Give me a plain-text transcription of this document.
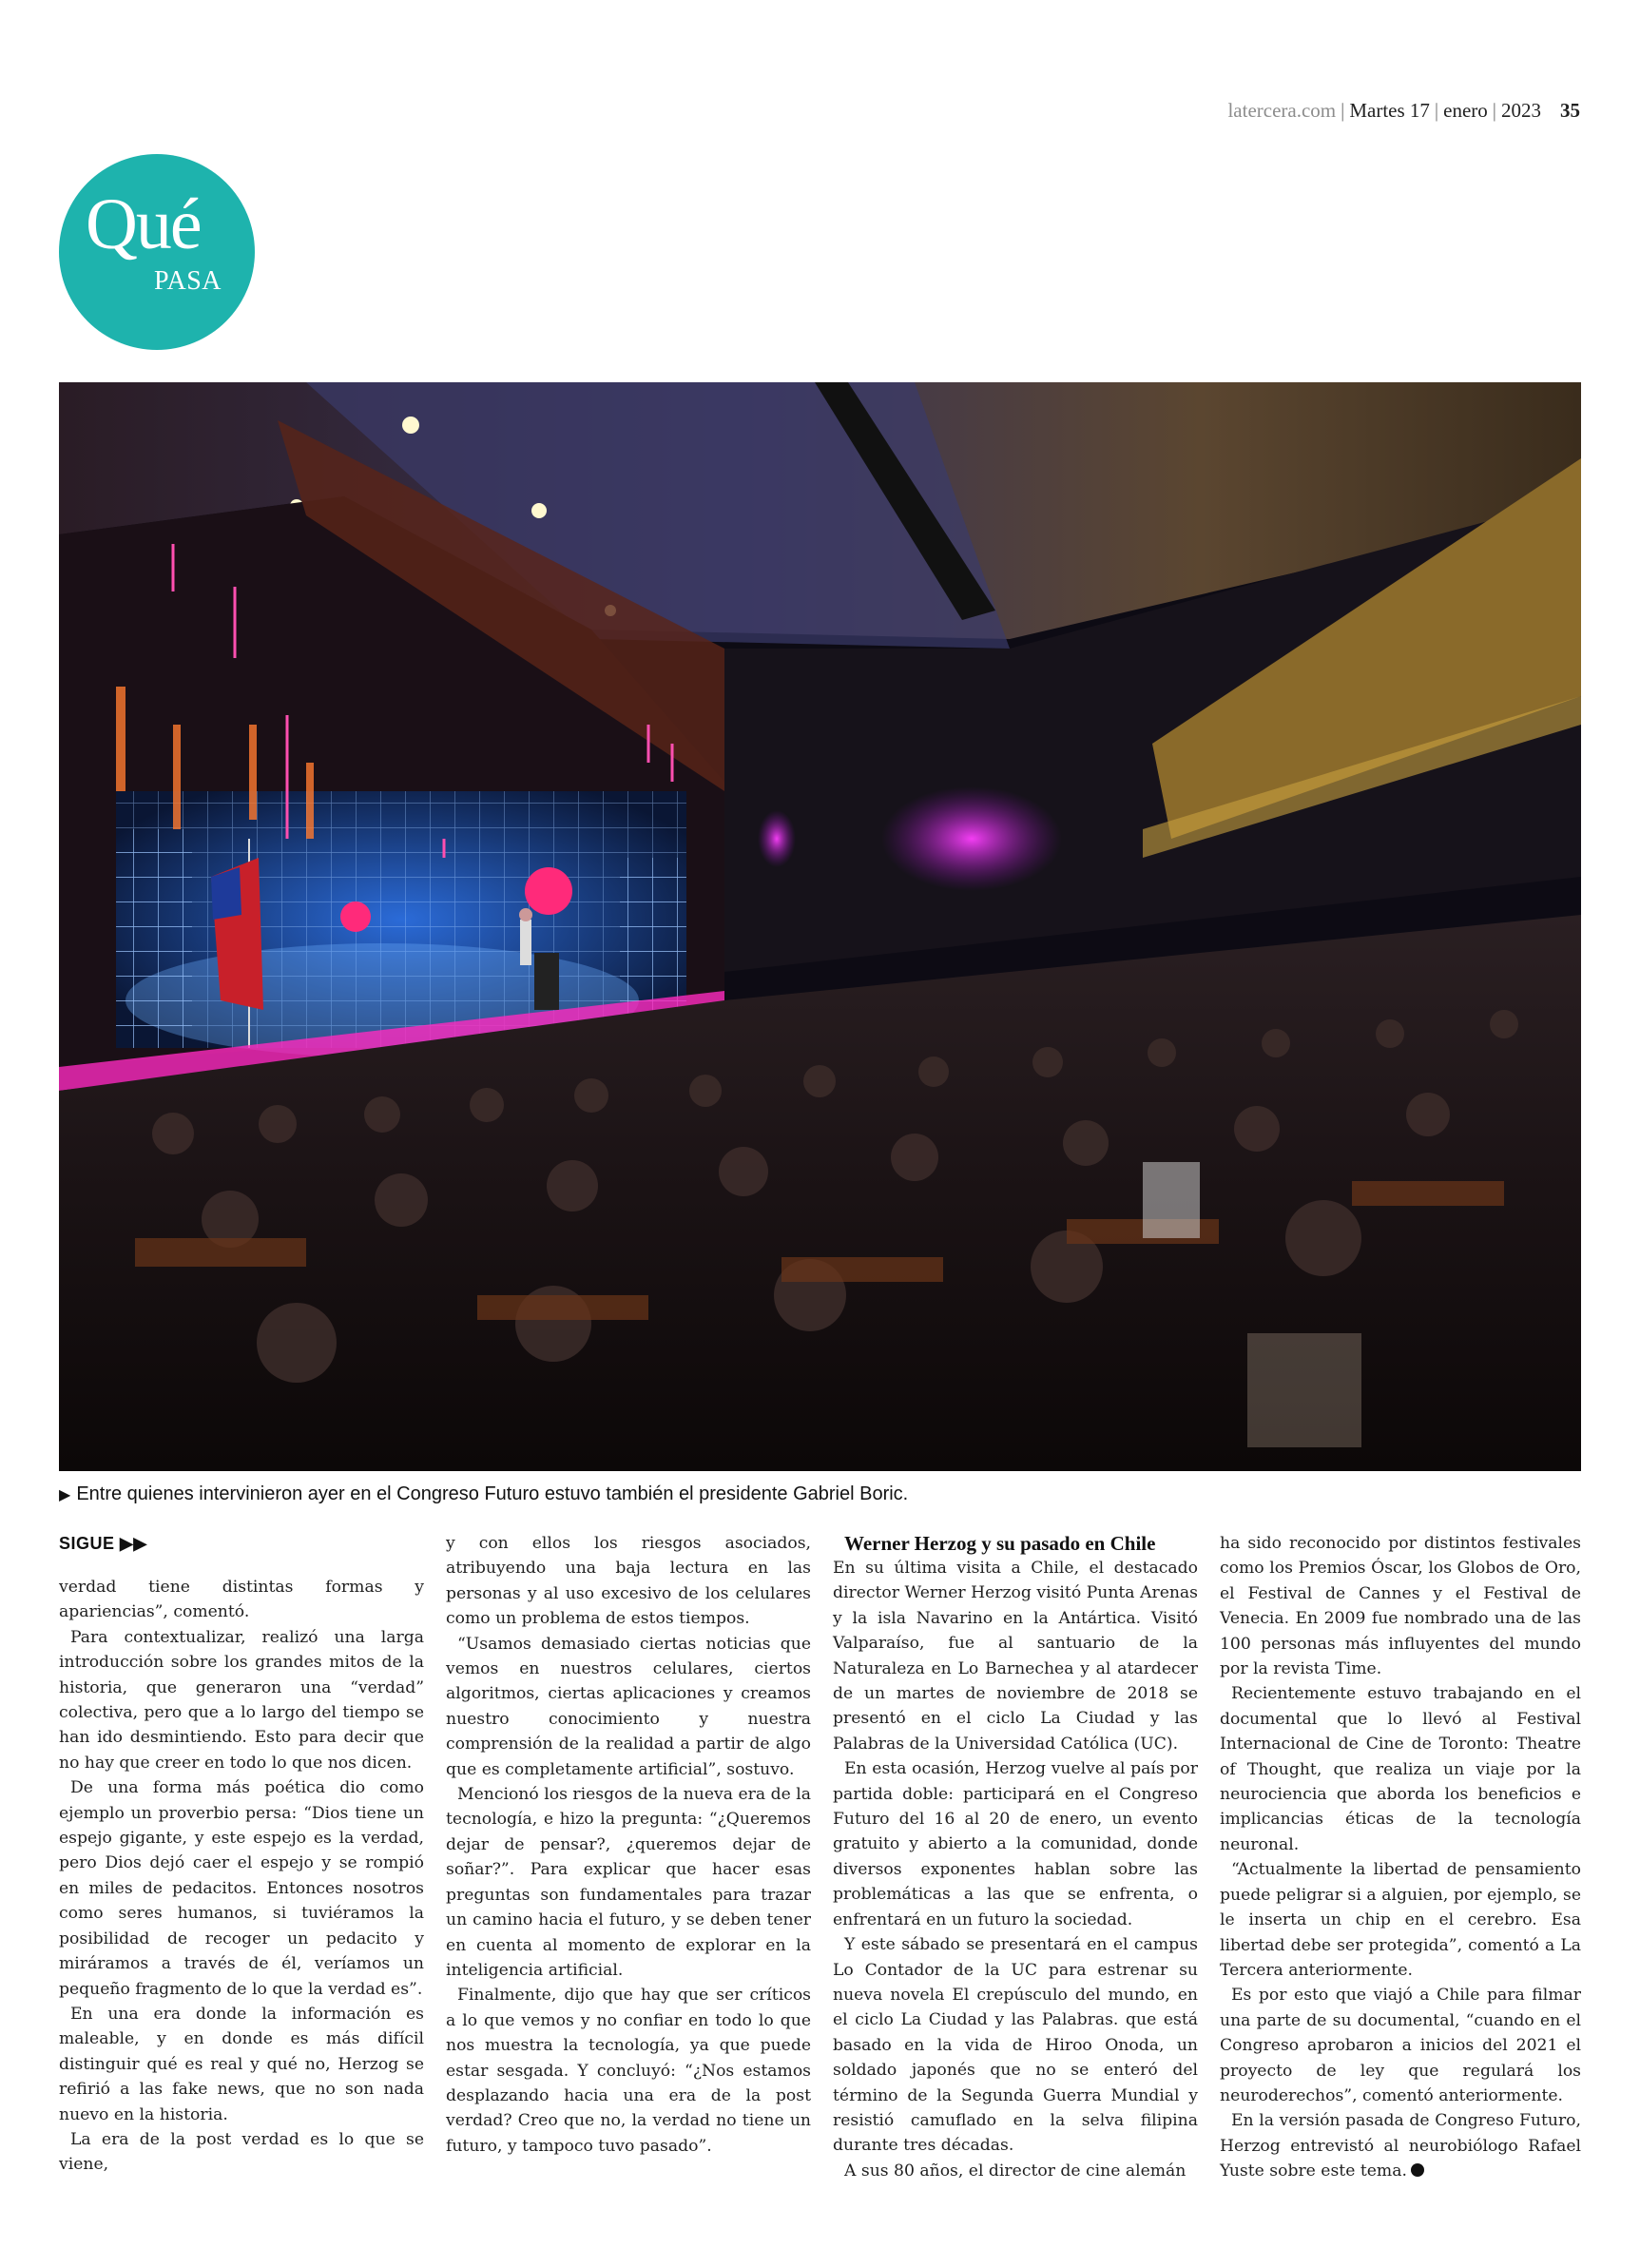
latercera.com | Martes 17 | enero | 2023 35
Qué
PASA
▶ Entre quienes intervinieron ayer en el Congreso Futuro estuvo también el presidente Gabriel Boric.
SIGUE ▶▶

verdad tiene distintas formas y apariencias”, comentó.

Para contextualizar, realizó una larga introducción sobre los grandes mitos de la historia, que generaron una “verdad” colectiva, pero que a lo largo del tiempo se han ido desmintiendo. Esto para decir que no hay que creer en todo lo que nos dicen.

De una forma más poética dio como ejemplo un proverbio persa: “Dios tiene un espejo gigante, y este espejo es la verdad, pero Dios dejó caer el espejo y se rompió en miles de pedacitos. Entonces nosotros como seres humanos, si tuviéramos la posibilidad de recoger un pedacito y miráramos a través de él, veríamos un pequeño fragmento de lo que la verdad es”.

En una era donde la información es maleable, y en donde es más difícil distinguir qué es real y qué no, Herzog se refirió a las fake news, que no son nada nuevo en la historia.

La era de la post verdad es lo que se viene,

y con ellos los riesgos asociados, atribuyendo una baja lectura en las personas y al uso excesivo de los celulares como un problema de estos tiempos.

“Usamos demasiado ciertas noticias que vemos en nuestros celulares, ciertos algoritmos, ciertas aplicaciones y creamos nuestro conocimiento y nuestra comprensión de la realidad a partir de algo que es completamente artificial”, sostuvo.

Mencionó los riesgos de la nueva era de la tecnología, e hizo la pregunta: “¿Queremos dejar de pensar?, ¿queremos dejar de soñar?”. Para explicar que hacer esas preguntas son fundamentales para trazar un camino hacia el futuro, y se deben tener en cuenta al momento de explorar en la inteligencia artificial.

Finalmente, dijo que hay que ser críticos a lo que vemos y no confiar en todo lo que nos muestra la tecnología, ya que puede estar sesgada. Y concluyó: “¿Nos estamos desplazando hacia una era de la post verdad? Creo que no, la verdad no tiene un futuro, y tampoco tuvo pasado”.

Werner Herzog y su pasado en Chile

En su última visita a Chile, el destacado director Werner Herzog visitó Punta Arenas y la isla Navarino en la Antártica. Visitó Valparaíso, fue al santuario de la Naturaleza en Lo Barnechea y al atardecer de un martes de noviembre de 2018 se presentó en el ciclo La Ciudad y las Palabras de la Universidad Católica (UC).

En esta ocasión, Herzog vuelve al país por partida doble: participará en el Congreso Futuro del 16 al 20 de enero, un evento gratuito y abierto a la comunidad, donde diversos exponentes hablan sobre las problemáticas a las que se enfrenta, o enfrentará en un futuro la sociedad.

Y este sábado se presentará en el campus Lo Contador de la UC para estrenar su nueva novela El crepúsculo del mundo, en el ciclo La Ciudad y las Palabras. que está basado en la vida de Hiroo Onoda, un soldado japonés que no se enteró del término de la Segunda Guerra Mundial y resistió camuflado en la selva filipina durante tres décadas.

A sus 80 años, el director de cine alemán

ha sido reconocido por distintos festivales como los Premios Óscar, los Globos de Oro, el Festival de Cannes y el Festival de Venecia. En 2009 fue nombrado una de las 100 personas más influyentes del mundo por la revista Time.

Recientemente estuvo trabajando en el documental que lo llevó al Festival Internacional de Cine de Toronto: Theatre of Thought, que realiza un viaje por la neurociencia que aborda los beneficios e implicancias éticas de la tecnología neuronal.

“Actualmente la libertad de pensamiento puede peligrar si a alguien, por ejemplo, se le inserta un chip en el cerebro. Esa libertad debe ser protegida”, comentó a La Tercera anteriormente.

Es por esto que viajó a Chile para filmar una parte de su documental, “cuando en el Congreso aprobaron a inicios del 2021 el proyecto de ley que regulará los neuroderechos”, comentó anteriormente.

En la versión pasada de Congreso Futuro, Herzog entrevistó al neurobiólogo Rafael Yuste sobre este tema.
